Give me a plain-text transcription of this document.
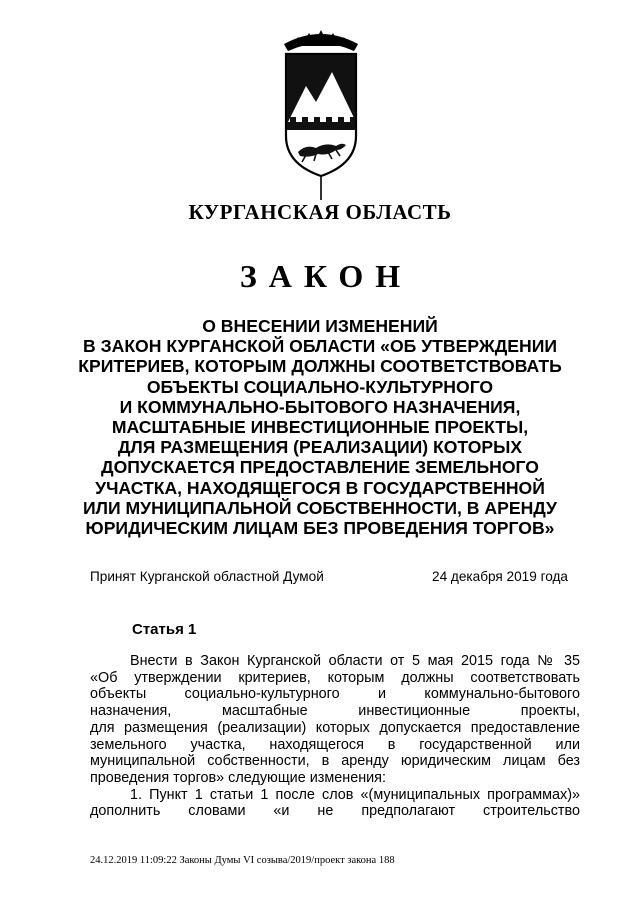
КУРГАНСКАЯ ОБЛАСТЬ
ЗАКОН
О ВНЕСЕНИИ ИЗМЕНЕНИЙ
В ЗАКОН КУРГАНСКОЙ ОБЛАСТИ «ОБ УТВЕРЖДЕНИИ
КРИТЕРИЕВ, КОТОРЫМ ДОЛЖНЫ СООТВЕТСТВОВАТЬ
ОБЪЕКТЫ СОЦИАЛЬНО-КУЛЬТУРНОГО
И КОММУНАЛЬНО-БЫТОВОГО НАЗНАЧЕНИЯ,
МАСШТАБНЫЕ ИНВЕСТИЦИОННЫЕ ПРОЕКТЫ,
ДЛЯ РАЗМЕЩЕНИЯ (РЕАЛИЗАЦИИ) КОТОРЫХ
ДОПУСКАЕТСЯ ПРЕДОСТАВЛЕНИЕ ЗЕМЕЛЬНОГО
УЧАСТКА, НАХОДЯЩЕГОСЯ В ГОСУДАРСТВЕННОЙ
ИЛИ МУНИЦИПАЛЬНОЙ СОБСТВЕННОСТИ, В АРЕНДУ
ЮРИДИЧЕСКИМ ЛИЦАМ БЕЗ ПРОВЕДЕНИЯ ТОРГОВ»
Принят Курганской областной Думой	24 декабря 2019 года
Статья 1
Внести в Закон Курганской области от 5 мая 2015 года № 35
«Об утверждении критериев, которым должны соответствовать
объекты социально-культурного и коммунально-бытового
назначения, масштабные инвестиционные проекты,
для размещения (реализации) которых допускается предоставление
земельного участка, находящегося в государственной или
муниципальной собственности, в аренду юридическим лицам без
проведения торгов» следующие изменения:
1. Пункт 1 статьи 1 после слов «(муниципальных программах)»
дополнить словами «и не предполагают строительство
24.12.2019 11:09:22 Законы Думы VI созыва/2019/проект закона 188
